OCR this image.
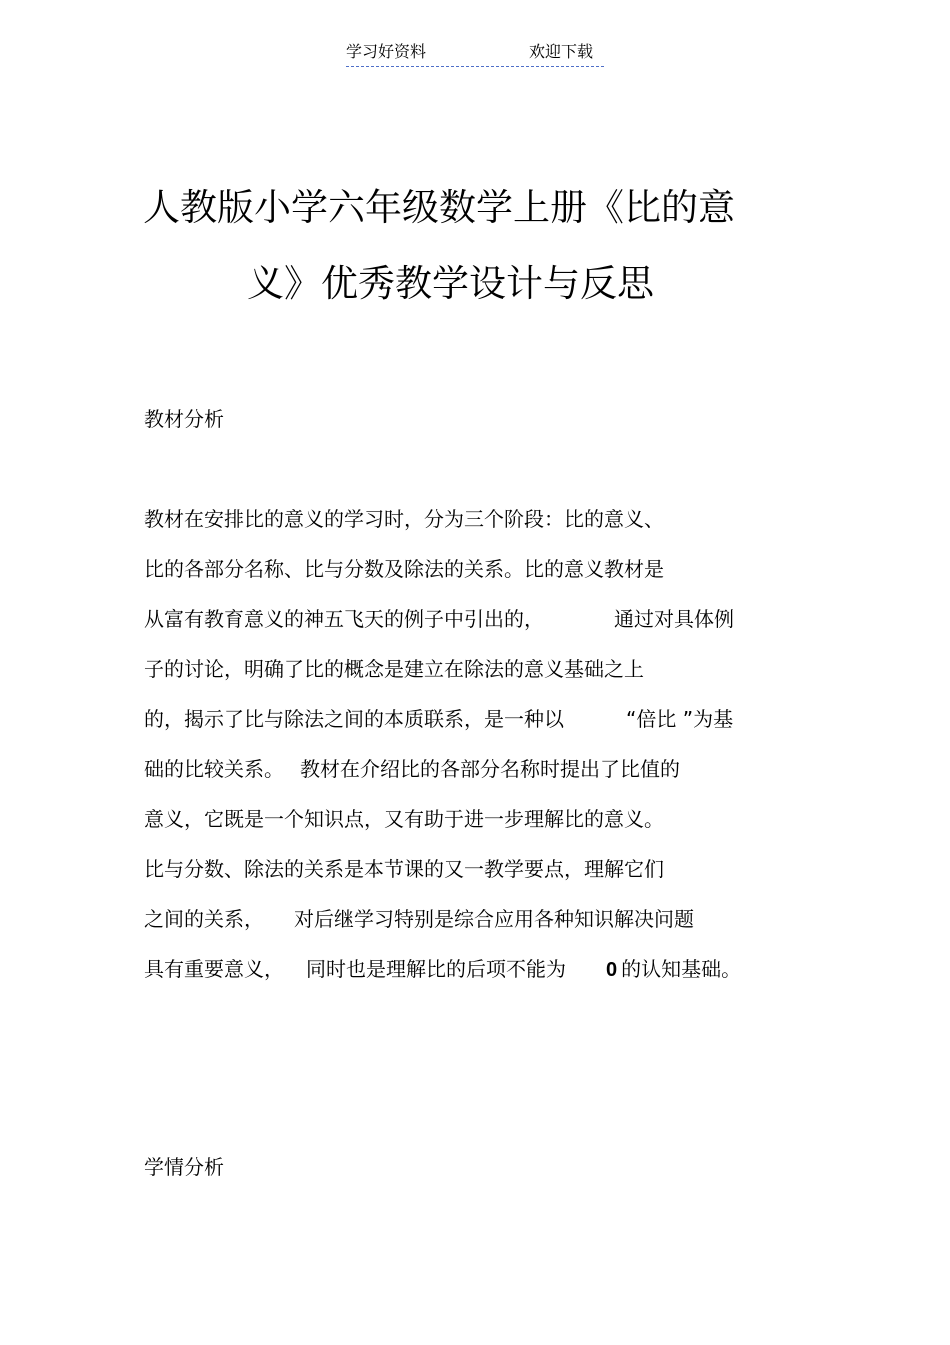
学习好资料	欢迎下载
人教版小学六年级数学上册《比的意
义》优秀教学设计与反思
教材分析
教材在安排比的意义的学习时，分为三个阶段：比的意义、
比的各部分名称、比与分数及除法的关系。比的意义教材是
从富有教育意义的神五飞天的例子中引出的，	通过对具体例
子的讨论，明确了比的概念是建立在除法的意义基础之上
的，揭示了比与除法之间的本质联系，是一种以	“倍比 ”为基
础的比较关系。 教材在介绍比的各部分名称时提出了比值的
意义，它既是一个知识点，又有助于进一步理解比的意义。
比与分数、除法的关系是本节课的又一教学要点，理解它们
之间的关系， 对后继学习特别是综合应用各种知识解决问题
具有重要意义， 同时也是理解比的后项不能为 0 的认知基础。
学情分析
